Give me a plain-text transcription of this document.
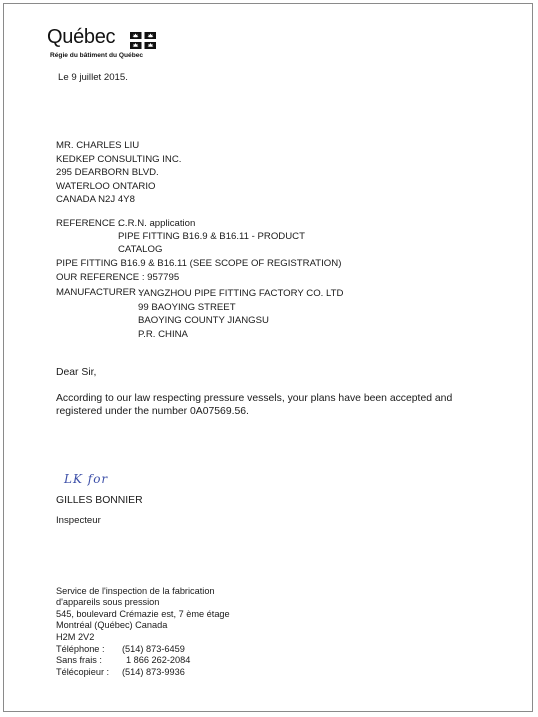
Québec
Régie du bâtiment du Québec
Le 9 juillet 2015.
MR. CHARLES LIU
KEDKEP CONSULTING INC.
295 DEARBORN BLVD.
WATERLOO ONTARIO
CANADA N2J 4Y8
REFERENCE :
C.R.N. application
PIPE FITTING B16.9 & B16.11 - PRODUCT
CATALOG
PIPE FITTING B16.9 & B16.11 (SEE SCOPE OF REGISTRATION)
OUR REFERENCE : 957795
MANUFACTURER :
YANGZHOU PIPE FITTING FACTORY CO. LTD
99 BAOYING STREET
BAOYING COUNTY JIANGSU
P.R. CHINA
Dear Sir,
According to our law respecting pressure vessels, your plans have been accepted and
registered under the number 0A07569.56.
LK for
GILLES BONNIER
Inspecteur
Service de l'inspection de la fabrication
d'appareils sous pression
545, boulevard Crémazie est, 7 ème étage
Montréal (Québec) Canada
H2M 2V2
Téléphone : (514) 873-6459
Sans frais :	1 866 262-2084
Télécopieur : (514) 873-9936
